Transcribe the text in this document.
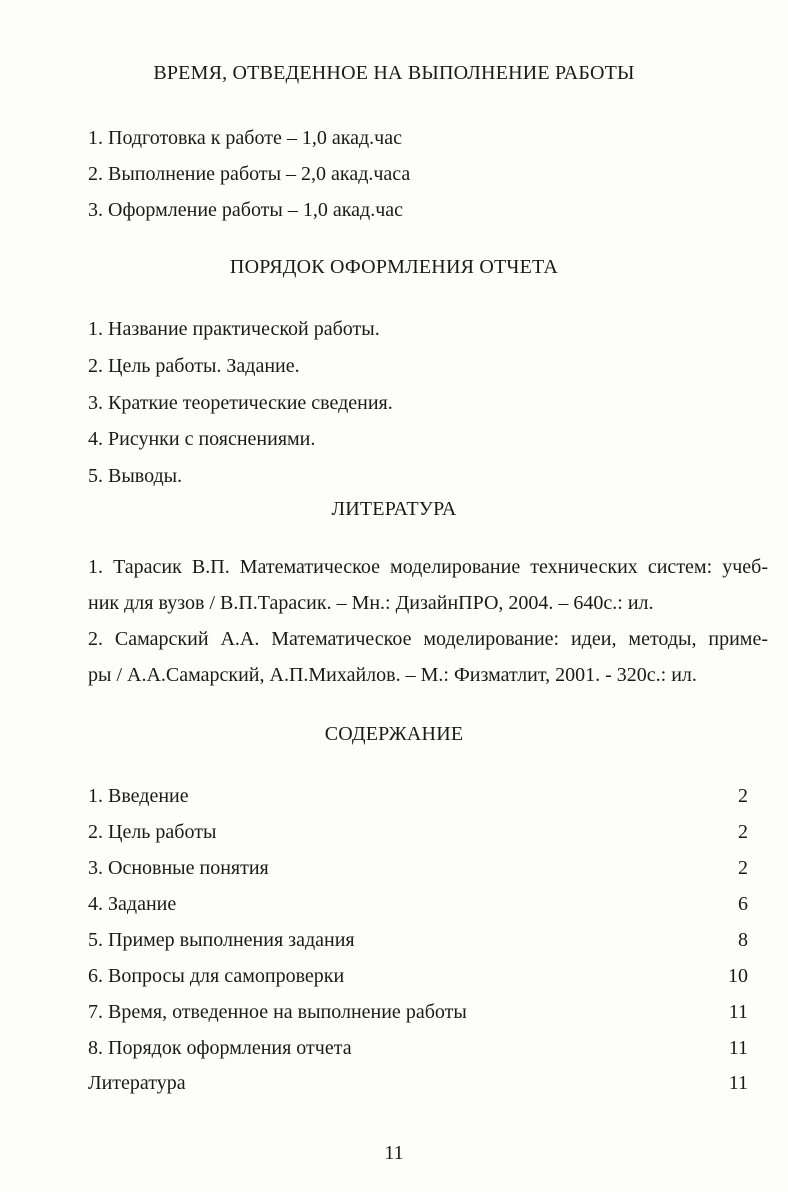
ВРЕМЯ, ОТВЕДЕННОЕ НА ВЫПОЛНЕНИЕ РАБОТЫ
1. Подготовка к работе – 1,0 акад.час
2. Выполнение работы – 2,0 акад.часа
3. Оформление работы – 1,0 акад.час
ПОРЯДОК ОФОРМЛЕНИЯ ОТЧЕТА
1. Название практической работы.
2. Цель работы. Задание.
3. Краткие теоретические сведения.
4. Рисунки с пояснениями.
5. Выводы.
ЛИТЕРАТУРА
1. Тарасик В.П. Математическое моделирование технических систем: учеб-
ник для вузов / В.П.Тарасик. – Мн.: ДизайнПРО, 2004. – 640с.: ил.
2. Самарский А.А. Математическое моделирование: идеи, методы, приме-
ры / А.А.Самарский, А.П.Михайлов. – М.: Физматлит, 2001. - 320с.: ил.
СОДЕРЖАНИЕ
1. Введение	2
2. Цель работы	2
3. Основные понятия	2
4. Задание	6
5. Пример выполнения задания	8
6. Вопросы для самопроверки	10
7. Время, отведенное на выполнение работы	11
8. Порядок оформления отчета	11
Литература	11
11
